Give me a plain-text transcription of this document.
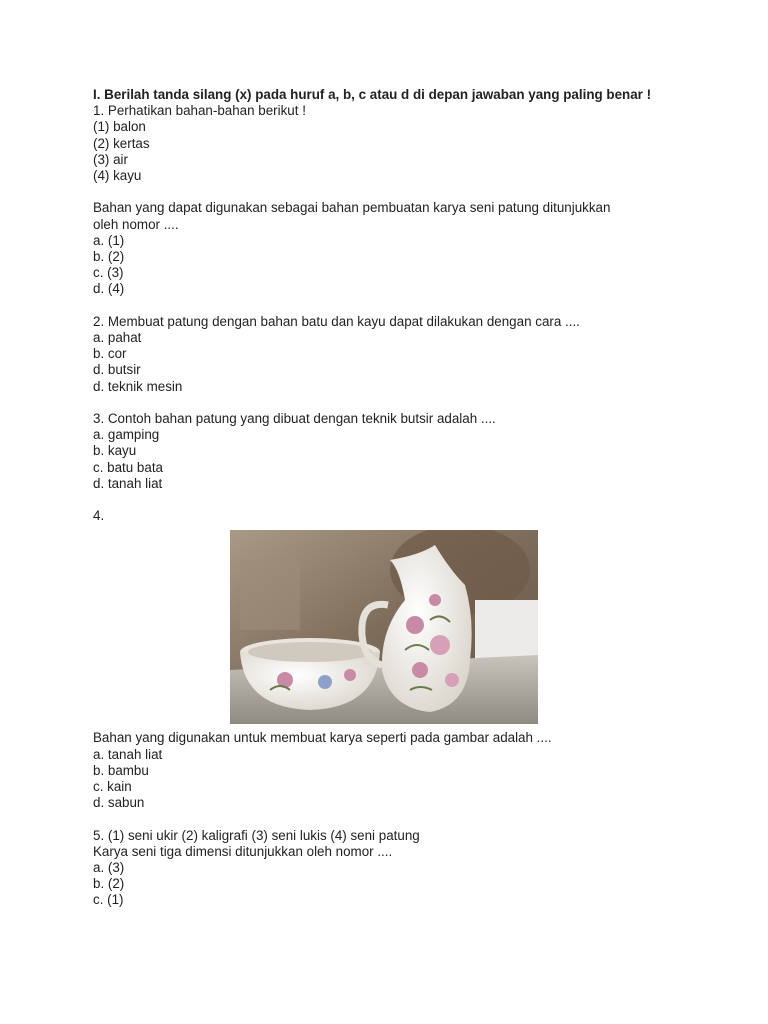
I. Berilah tanda silang (x) pada huruf a, b, c atau d di depan jawaban yang paling benar !

1. Perhatikan bahan-bahan berikut !

(1) balon

(2) kertas

(3) air

(4) kayu

Bahan yang dapat digunakan sebagai bahan pembuatan karya seni patung ditunjukkan

oleh nomor ....

a. (1)

b. (2)

c. (3)

d. (4)

2. Membuat patung dengan bahan batu dan kayu dapat dilakukan dengan cara ....

a. pahat

b. cor

d. butsir

d. teknik mesin

3. Contoh bahan patung yang dibuat dengan teknik butsir adalah ....

a. gamping

b. kayu

c. batu bata

d. tanah liat

4.

Bahan yang digunakan untuk membuat karya seperti pada gambar adalah ....

a. tanah liat

b. bambu

c. kain

d. sabun

5. (1) seni ukir (2) kaligrafi (3) seni lukis (4) seni patung

Karya seni tiga dimensi ditunjukkan oleh nomor ....

a. (3)

b. (2)

c. (1)
